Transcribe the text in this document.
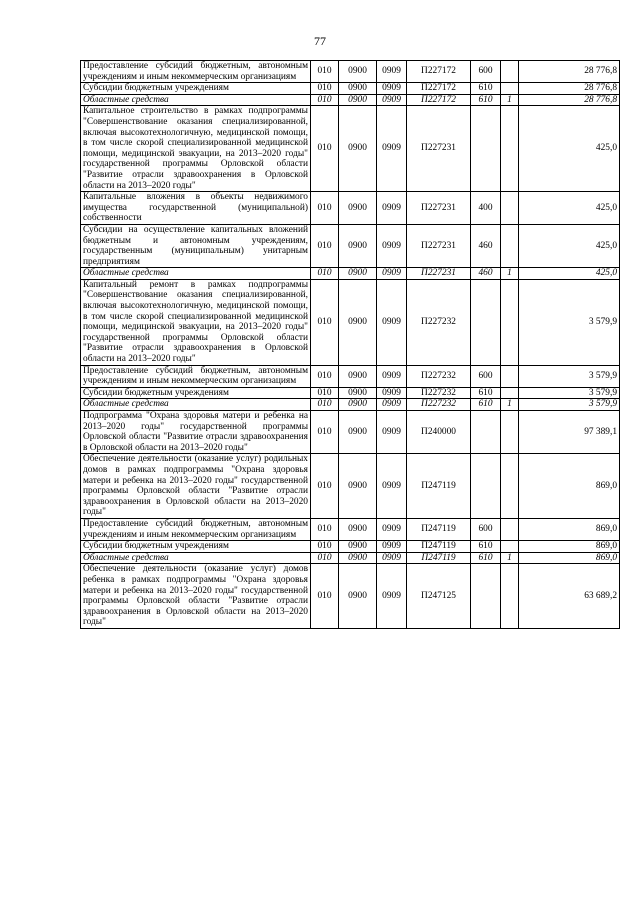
77
Предоставление субсидий бюджетным, автономным учреждениям и иным некоммерческим организациям	010	0900	0909	П227172	600		28 776,8
Субсидии бюджетным учреждениям	010	0900	0909	П227172	610		28 776,8
Областные средства	010	0900	0909	П227172	610	1	28 776,8
Капитальное строительство в рамках подпрограммы "Совершенствование оказания специализированной, включая высокотехнологичную, медицинской помощи, в том числе скорой специализированной медицинской помощи, медицинской эвакуации, на 2013–2020 годы" государственной программы Орловской области "Развитие отрасли здравоохранения в Орловской области на 2013–2020 годы"	010	0900	0909	П227231			425,0
Капитальные вложения в объекты недвижимого имущества государственной (муниципальной) собственности	010	0900	0909	П227231	400		425,0
Субсидии на осуществление капитальных вложений бюджетным и автономным учреждениям, государственным (муниципальным) унитарным предприятиям	010	0900	0909	П227231	460		425,0
Областные средства	010	0900	0909	П227231	460	1	425,0
Капитальный ремонт в рамках подпрограммы "Совершенствование оказания специализированной, включая высокотехнологичную, медицинской помощи, в том числе скорой специализированной медицинской помощи, медицинской эвакуации, на 2013–2020 годы" государственной программы Орловской области "Развитие отрасли здравоохранения в Орловской области на 2013–2020 годы"	010	0900	0909	П227232			3 579,9
Предоставление субсидий бюджетным, автономным учреждениям и иным некоммерческим организациям	010	0900	0909	П227232	600		3 579,9
Субсидии бюджетным учреждениям	010	0900	0909	П227232	610		3 579,9
Областные средства	010	0900	0909	П227232	610	1	3 579,9
Подпрограмма "Охрана здоровья матери и ребенка на 2013–2020 годы" государственной программы Орловской области "Развитие отрасли здравоохранения в Орловской области на 2013–2020 годы"	010	0900	0909	П240000			97 389,1
Обеспечение деятельности (оказание услуг) родильных домов в рамках подпрограммы "Охрана здоровья матери и ребенка на 2013–2020 годы" государственной программы Орловской области "Развитие отрасли здравоохранения в Орловской области на 2013–2020 годы"	010	0900	0909	П247119			869,0
Предоставление субсидий бюджетным, автономным учреждениям и иным некоммерческим организациям	010	0900	0909	П247119	600		869,0
Субсидии бюджетным учреждениям	010	0900	0909	П247119	610		869,0
Областные средства	010	0900	0909	П247119	610	1	869,0
Обеспечение деятельности (оказание услуг) домов ребенка в рамках подпрограммы "Охрана здоровья матери и ребенка на 2013–2020 годы" государственной программы Орловской области "Развитие отрасли здравоохранения в Орловской области на 2013–2020 годы"	010	0900	0909	П247125			63 689,2
